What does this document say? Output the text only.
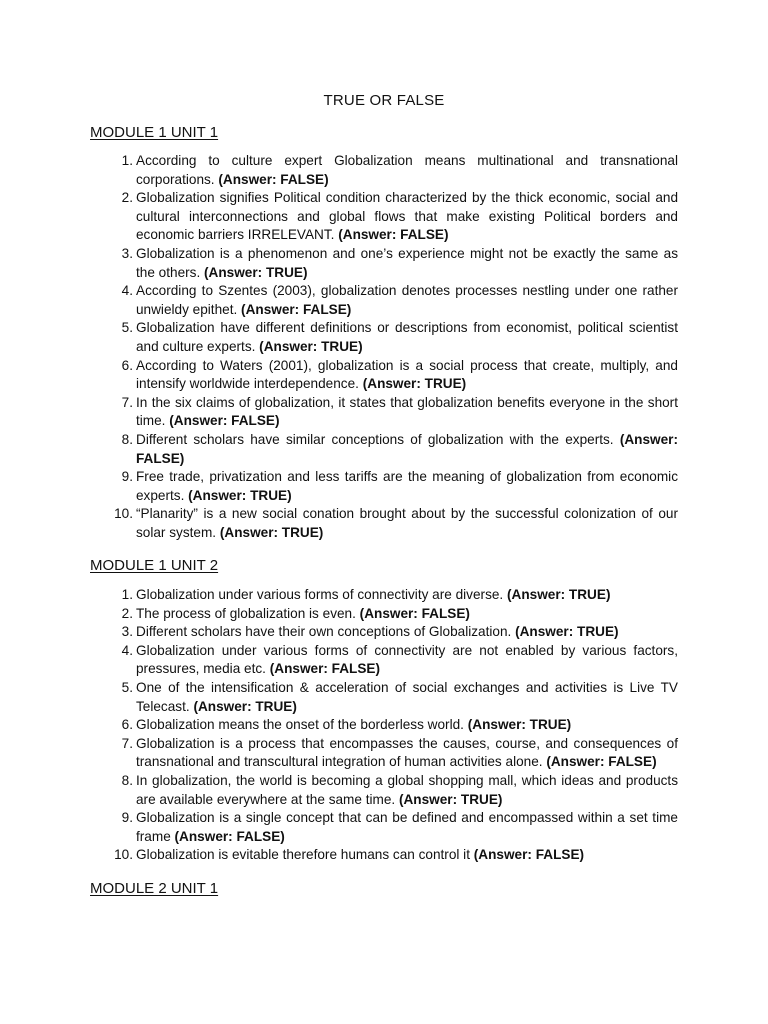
TRUE OR FALSE
MODULE 1 UNIT 1
1. According to culture expert Globalization means multinational and transnational corporations. (Answer: FALSE)
2. Globalization signifies Political condition characterized by the thick economic, social and cultural interconnections and global flows that make existing Political borders and economic barriers IRRELEVANT. (Answer: FALSE)
3. Globalization is a phenomenon and one’s experience might not be exactly the same as the others. (Answer: TRUE)
4. According to Szentes (2003), globalization denotes processes nestling under one rather unwieldy epithet. (Answer: FALSE)
5. Globalization have different definitions or descriptions from economist, political scientist and culture experts. (Answer: TRUE)
6. According to Waters (2001), globalization is a social process that create, multiply, and intensify worldwide interdependence. (Answer: TRUE)
7. In the six claims of globalization, it states that globalization benefits everyone in the short time. (Answer: FALSE)
8. Different scholars have similar conceptions of globalization with the experts. (Answer: FALSE)
9. Free trade, privatization and less tariffs are the meaning of globalization from economic experts. (Answer: TRUE)
10. “Planarity” is a new social conation brought about by the successful colonization of our solar system. (Answer: TRUE)
MODULE 1 UNIT 2
1. Globalization under various forms of connectivity are diverse. (Answer: TRUE)
2. The process of globalization is even. (Answer: FALSE)
3. Different scholars have their own conceptions of Globalization. (Answer: TRUE)
4. Globalization under various forms of connectivity are not enabled by various factors, pressures, media etc. (Answer: FALSE)
5. One of the intensification & acceleration of social exchanges and activities is Live TV Telecast. (Answer: TRUE)
6. Globalization means the onset of the borderless world. (Answer: TRUE)
7. Globalization is a process that encompasses the causes, course, and consequences of transnational and transcultural integration of human activities alone. (Answer: FALSE)
8. In globalization, the world is becoming a global shopping mall, which ideas and products are available everywhere at the same time. (Answer: TRUE)
9. Globalization is a single concept that can be defined and encompassed within a set time frame (Answer: FALSE)
10. Globalization is evitable therefore humans can control it (Answer: FALSE)
MODULE 2 UNIT 1
